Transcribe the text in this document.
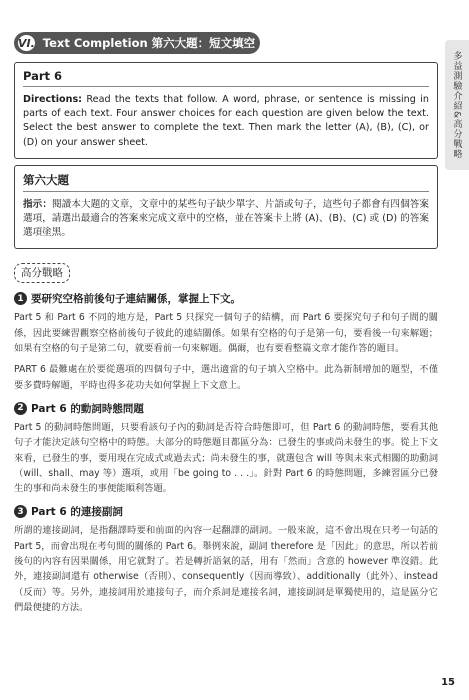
多益測驗介紹&高分戰略
VI. Text Completion 第六大題：短文填空
Part 6
Directions: Read the texts that follow. A word, phrase, or sentence is missing in parts of each text. Four answer choices for each question are given below the text. Select the best answer to complete the text. Then mark the letter (A), (B), (C), or (D) on your answer sheet.
第六大題
指示：閱讀本大題的文章，文章中的某些句子缺少單字、片語或句子，這些句子都會有四個答案選項，請選出最適合的答案來完成文章中的空格，並在答案卡上將 (A)、(B)、(C) 或 (D) 的答案選項塗黑。
高分戰略
1 要研究空格前後句子連結關係，掌握上下文。

Part 5 和 Part 6 不同的地方是，Part 5 只探究一個句子的結構，而 Part 6 要探究句子和句子間的關係，因此要練習觀察空格前後句子彼此的連結關係。如果有空格的句子是第一句，要看後一句來解題；如果有空格的句子是第二句，就要看前一句來解題。偶爾，也有要看整篇文章才能作答的題目。

PART 6 最難處在於要從選項的四個句子中，選出適當的句子填入空格中。此為新制增加的題型，不僅要多費時解題，平時也得多花功夫如何掌握上下文意上。

2 Part 6 的動詞時態問題

Part 5 的動詞時態問題，只要看該句子內的動詞是否符合時態即可，但 Part 6 的動詞時態，要看其他句子才能決定該句空格中的時態。大部分的時態題目都區分為：已發生的事或尚未發生的事。從上下文來看，已發生的事，要用現在完成式或過去式；尚未發生的事，就選包含 will 等與未來式相關的助動詞（will、shall、may 等）選項，或用「be going to . . .」。針對 Part 6 的時態問題，多練習區分已發生的事和尚未發生的事便能順利答題。

3 Part 6 的連接副詞

所謂的連接副詞，是指翻譯時要和前面的內容一起翻譯的副詞。一般來說，這不會出現在只考一句話的 Part 5，而會出現在考句間的關係的 Part 6。舉例來說，副詞 therefore 是「因此」的意思，所以若前後句的內容有因果關係，用它就對了。若是轉折語氣的話，用有「然而」含意的 however 準沒錯。此外，連接副詞還有 otherwise（否則）、consequently（因而導致）、additionally（此外）、instead（反而）等。另外，連接詞用於連接句子，而介系詞是連接名詞，連接副詞是單獨使用的，這是區分它們最便捷的方法。

15
